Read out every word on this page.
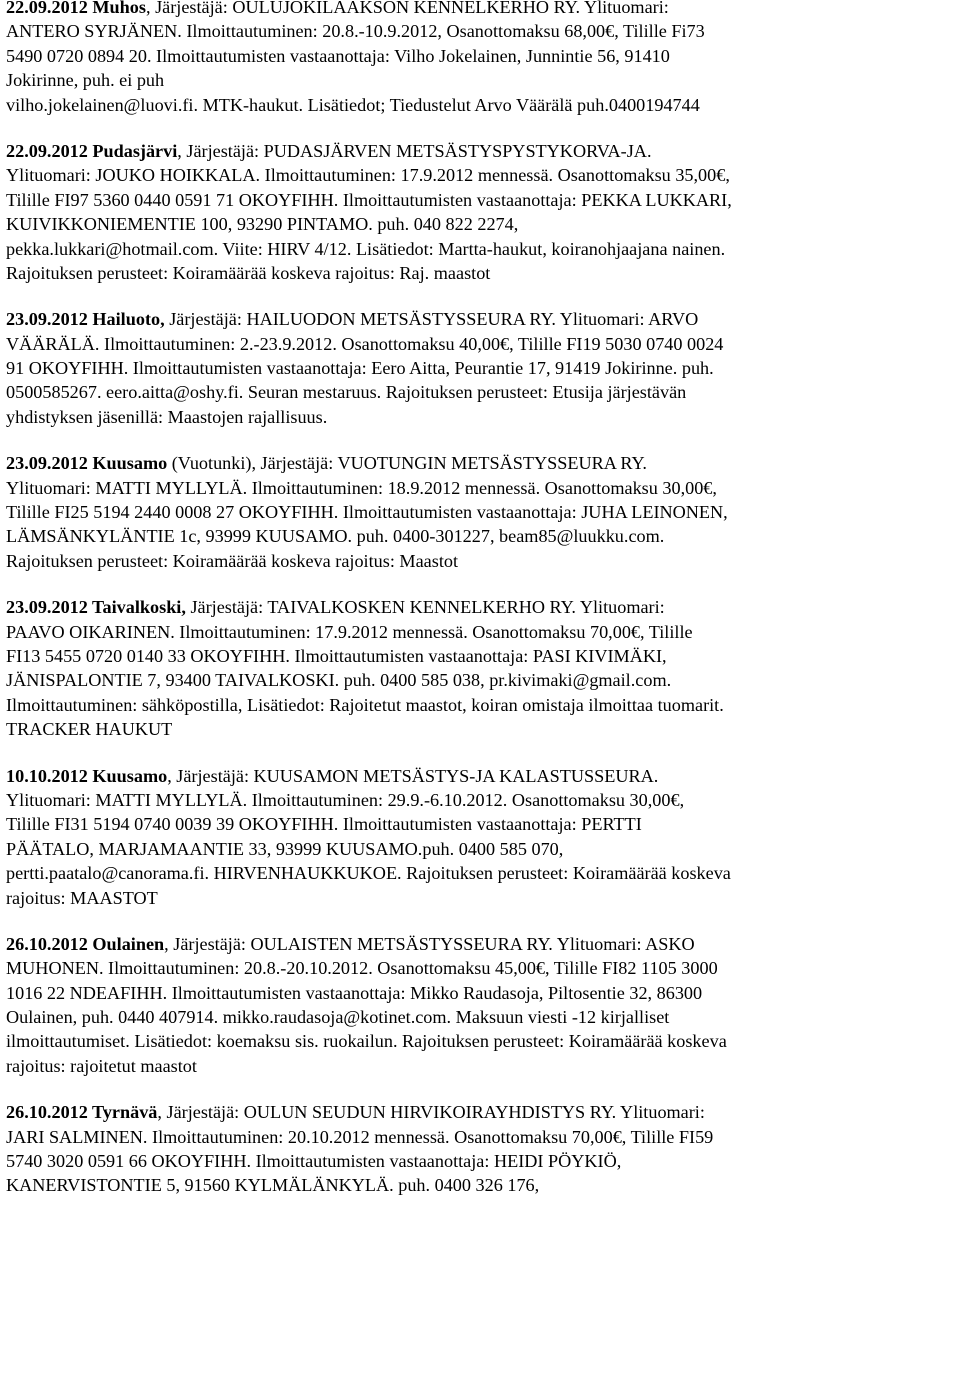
22.09.2012 Muhos, Järjestäjä: OULUJOKILAAKSON KENNELKERHO RY. Ylituomari:
ANTERO SYRJÄNEN. Ilmoittautuminen: 20.8.-10.9.2012, Osanottomaksu 68,00€, Tilille Fi73
5490 0720 0894 20. Ilmoittautumisten vastaanottaja: Vilho Jokelainen, Junnintie 56, 91410
Jokirinne, puh. ei puh
vilho.jokelainen@luovi.fi. MTK-haukut. Lisätiedot; Tiedustelut Arvo Väärälä puh.0400194744

22.09.2012 Pudasjärvi, Järjestäjä: PUDASJÄRVEN METSÄSTYSPYSTYKORVA-JA.
Ylituomari: JOUKO HOIKKALA. Ilmoittautuminen: 17.9.2012 mennessä. Osanottomaksu 35,00€,
Tilille FI97 5360 0440 0591 71 OKOYFIHH. Ilmoittautumisten vastaanottaja: PEKKA LUKKARI,
KUIVIKKONIEMENTIE 100, 93290 PINTAMO. puh. 040 822 2274,
pekka.lukkari@hotmail.com. Viite: HIRV 4/12. Lisätiedot: Martta-haukut, koiranohjaajana nainen.
Rajoituksen perusteet: Koiramäärää koskeva rajoitus: Raj. maastot

23.09.2012 Hailuoto, Järjestäjä: HAILUODON METSÄSTYSSEURA RY. Ylituomari: ARVO
VÄÄRÄLÄ. Ilmoittautuminen: 2.-23.9.2012. Osanottomaksu 40,00€, Tilille FI19 5030 0740 0024
91 OKOYFIHH. Ilmoittautumisten vastaanottaja: Eero Aitta, Peurantie 17, 91419 Jokirinne. puh.
0500585267. eero.aitta@oshy.fi. Seuran mestaruus. Rajoituksen perusteet: Etusija järjestävän
yhdistyksen jäsenillä: Maastojen rajallisuus.

23.09.2012 Kuusamo (Vuotunki), Järjestäjä: VUOTUNGIN METSÄSTYSSEURA RY.
Ylituomari: MATTI MYLLYLÄ. Ilmoittautuminen: 18.9.2012 mennessä. Osanottomaksu 30,00€,
Tilille FI25 5194 2440 0008 27 OKOYFIHH. Ilmoittautumisten vastaanottaja: JUHA LEINONEN,
LÄMSÄNKYLÄNTIE 1c, 93999 KUUSAMO. puh. 0400-301227, beam85@luukku.com.
Rajoituksen perusteet: Koiramäärää koskeva rajoitus: Maastot

23.09.2012 Taivalkoski, Järjestäjä: TAIVALKOSKEN KENNELKERHO RY. Ylituomari:
PAAVO OIKARINEN. Ilmoittautuminen: 17.9.2012 mennessä. Osanottomaksu 70,00€, Tilille
FI13 5455 0720 0140 33 OKOYFIHH. Ilmoittautumisten vastaanottaja: PASI KIVIMÄKI,
JÄNISPALONTIE 7, 93400 TAIVALKOSKI. puh. 0400 585 038, pr.kivimaki@gmail.com.
Ilmoittautuminen: sähköpostilla, Lisätiedot: Rajoitetut maastot, koiran omistaja ilmoittaa tuomarit.
TRACKER HAUKUT

10.10.2012 Kuusamo, Järjestäjä: KUUSAMON METSÄSTYS-JA KALASTUSSEURA.
Ylituomari: MATTI MYLLYLÄ. Ilmoittautuminen: 29.9.-6.10.2012. Osanottomaksu 30,00€,
Tilille FI31 5194 0740 0039 39 OKOYFIHH. Ilmoittautumisten vastaanottaja: PERTTI
PÄÄTALO, MARJAMAANTIE 33, 93999 KUUSAMO.puh. 0400 585 070,
pertti.paatalo@canorama.fi. HIRVENHAUKKUKOE. Rajoituksen perusteet: Koiramäärää koskeva
rajoitus: MAASTOT

26.10.2012 Oulainen, Järjestäjä: OULAISTEN METSÄSTYSSEURA RY. Ylituomari: ASKO
MUHONEN. Ilmoittautuminen: 20.8.-20.10.2012. Osanottomaksu 45,00€, Tilille FI82 1105 3000
1016 22 NDEAFIHH. Ilmoittautumisten vastaanottaja: Mikko Raudasoja, Piltosentie 32, 86300
Oulainen, puh. 0440 407914. mikko.raudasoja@kotinet.com. Maksuun viesti -12 kirjalliset
ilmoittautumiset. Lisätiedot: koemaksu sis. ruokailun. Rajoituksen perusteet: Koiramäärää koskeva
rajoitus: rajoitetut maastot

26.10.2012 Tyrnävä, Järjestäjä: OULUN SEUDUN HIRVIKOIRAYHDISTYS RY. Ylituomari:
JARI SALMINEN. Ilmoittautuminen: 20.10.2012 mennessä. Osanottomaksu 70,00€, Tilille FI59
5740 3020 0591 66 OKOYFIHH. Ilmoittautumisten vastaanottaja: HEIDI PÖYKIÖ,
KANERVISTONTIE 5, 91560 KYLMÄLÄNKYLÄ. puh. 0400 326 176,
